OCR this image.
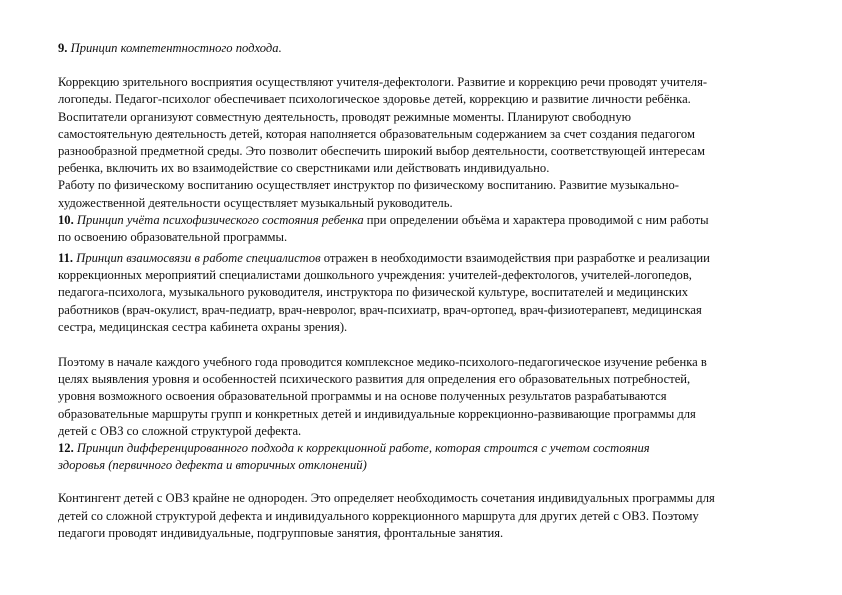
9. Принцип компетентностного подхода.
Коррекцию зрительного восприятия осуществляют учителя-дефектологи. Развитие и коррекцию речи проводят учителя-
логопеды. Педагог-психолог обеспечивает психологическое здоровье детей, коррекцию и развитие личности ребёнка.
Воспитатели организуют совместную деятельность, проводят режимные моменты. Планируют свободную
самостоятельную деятельность детей, которая наполняется образовательным содержанием за счет создания педагогом
разнообразной предметной среды. Это позволит обеспечить широкий выбор деятельности, соответствующей интересам
ребенка, включить их во взаимодействие со сверстниками или действовать индивидуально.
Работу по физическому воспитанию осуществляет инструктор по физическому воспитанию. Развитие музыкально-
художественной деятельности осуществляет музыкальный руководитель.
10. Принцип учёта психофизического состояния ребенка при определении объёма и характера проводимой с ним работы
по освоению образовательной программы.
11. Принцип взаимосвязи в работе специалистов отражен в необходимости взаимодействия при разработке и реализации
коррекционных мероприятий специалистами дошкольного учреждения: учителей-дефектологов, учителей-логопедов,
педагога-психолога, музыкального руководителя, инструктора по физической культуре, воспитателей и медицинских
работников (врач-окулист, врач-педиатр, врач-невролог, врач-психиатр, врач-ортопед, врач-физиотерапевт, медицинская
сестра, медицинская сестра кабинета охраны зрения).
Поэтому в начале каждого учебного года проводится комплексное медико-психолого-педагогическое изучение ребенка в
целях выявления уровня и особенностей психического развития для определения его образовательных потребностей,
уровня возможного освоения образовательной программы и на основе полученных результатов разрабатываются
образовательные маршруты групп и конкретных детей и индивидуальные коррекционно-развивающие программы для
детей с ОВЗ со сложной структурой дефекта.
12. Принцип дифференцированного подхода к коррекционной работе, которая строится с учетом состояния
здоровья (первичного дефекта и вторичных отклонений)
Контингент детей с ОВЗ крайне не однороден. Это определяет необходимость сочетания индивидуальных программы для
детей со сложной структурой дефекта и индивидуального коррекционного маршрута для других детей с ОВЗ. Поэтому
педагоги проводят индивидуальные, подгрупповые занятия, фронтальные занятия.
